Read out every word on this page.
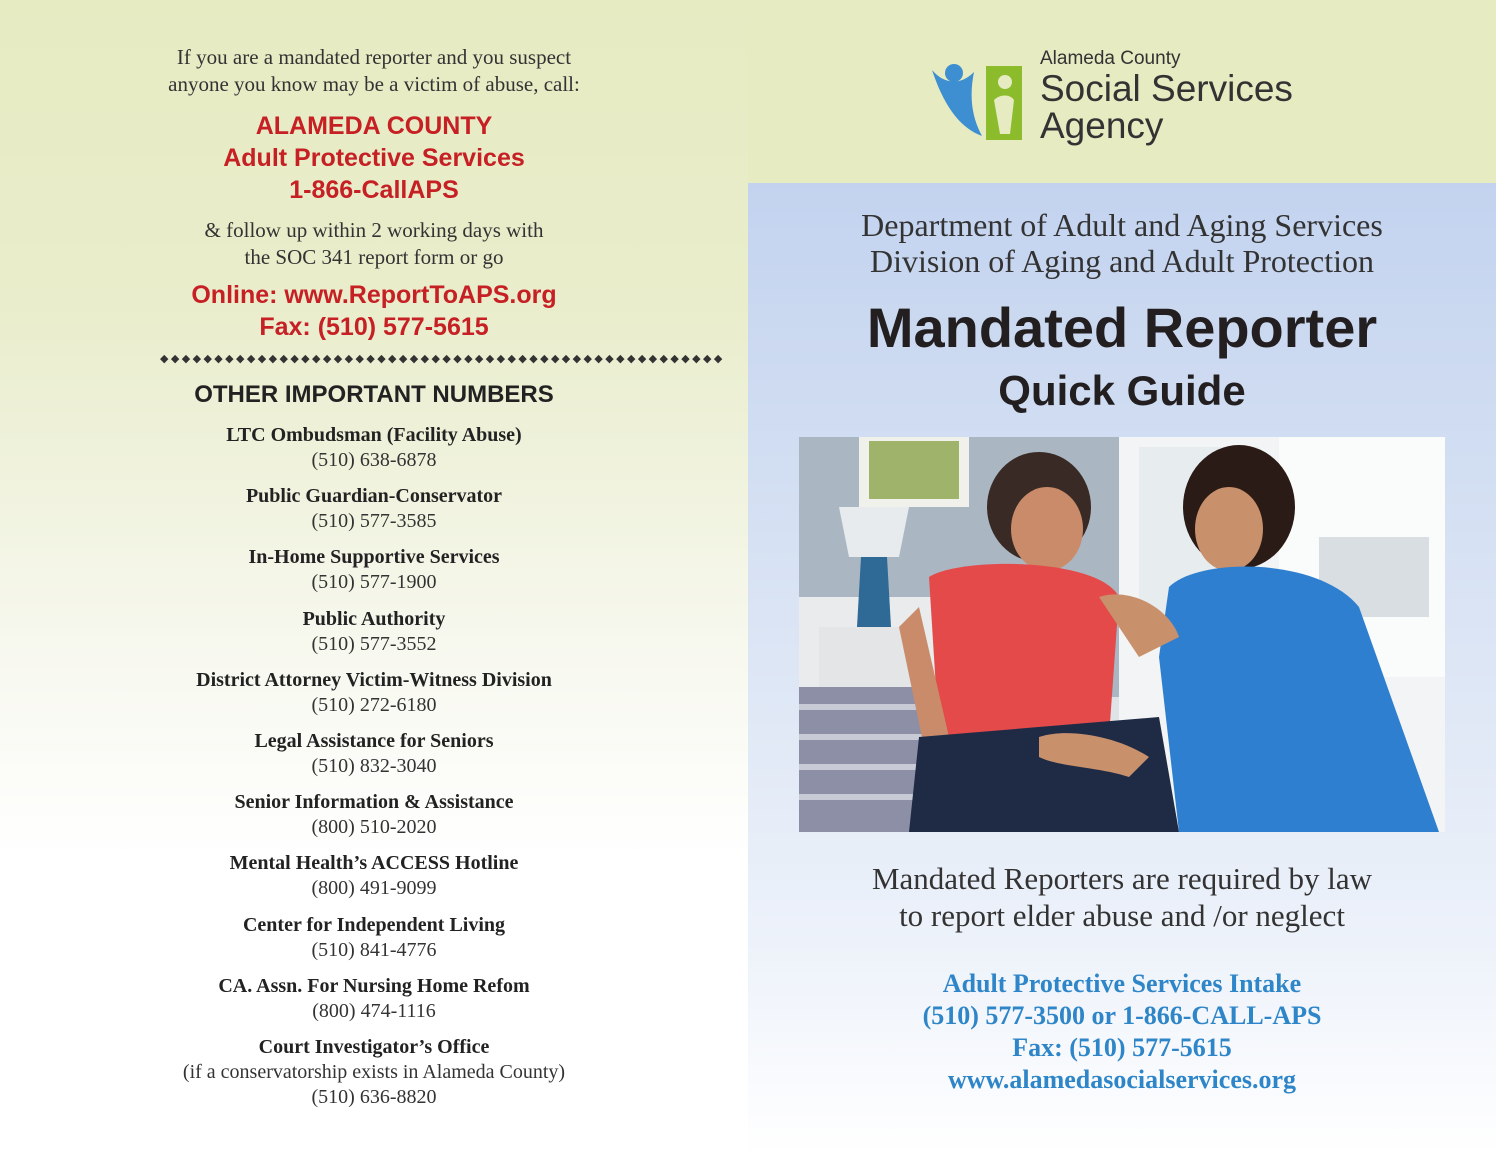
If you are a mandated reporter and you suspect
anyone you know may be a victim of abuse, call:
ALAMEDA COUNTY
Adult Protective Services
1-866-CallAPS
& follow up within 2 working days with
the SOC 341 report form or go
Online: www.ReportToAPS.org
Fax: (510) 577-5615
◆◆◆◆◆◆◆◆◆◆◆◆◆◆◆◆◆◆◆◆◆◆◆◆◆◆◆◆◆◆◆◆◆◆◆◆◆◆◆◆◆◆◆◆◆◆◆◆◆◆◆◆
OTHER IMPORTANT NUMBERS
LTC Ombudsman (Facility Abuse)
(510) 638-6878
Public Guardian-Conservator
(510) 577-3585
In-Home Supportive Services
(510) 577-1900
Public Authority
(510) 577-3552
District Attorney Victim-Witness Division
(510) 272-6180
Legal Assistance for Seniors
(510) 832-3040
Senior Information & Assistance
(800) 510-2020
Mental Health’s ACCESS Hotline
(800) 491-9099
Center for Independent Living
(510) 841-4776
CA. Assn. For Nursing Home Refom
(800) 474-1116
Court Investigator’s Office
(if a conservatorship exists in Alameda County)
(510) 636-8820
Alameda County
Social Services
Agency
Department of Adult and Aging Services
Division of Aging and Adult Protection
Mandated Reporter
Quick Guide
Mandated Reporters are required by law
to report elder abuse and /or neglect
Adult Protective Services Intake
(510) 577-3500 or 1-866-CALL-APS
Fax: (510) 577-5615
www.alamedasocialservices.org
